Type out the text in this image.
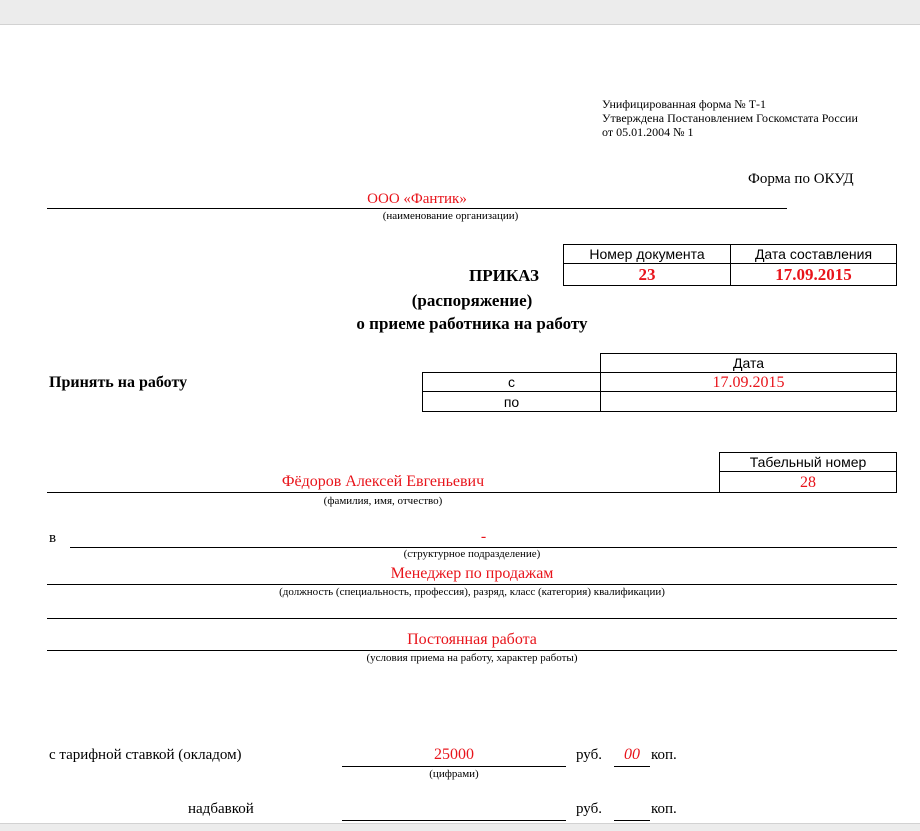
Унифицированная форма № Т-1
Утверждена Постановлением Госкомстата России
от 05.01.2004 № 1
Форма по ОКУД
ООО «Фантик»
(наименование организации)
Номер документа	Дата составления
23	17.09.2015
ПРИКАЗ
(распоряжение)
о приеме работника на работу
Принять на работу
Дата
с	17.09.2015
по
Табельный номер
28
Фёдоров Алексей Евгеньевич
(фамилия, имя, отчество)
в	-
(структурное подразделение)
Менеджер по продажам
(должность (специальность, профессия), разряд, класс (категория) квалификации)
Постоянная работа
(условия приема на работу, характер работы)
с тарифной ставкой (окладом)	25000	руб.	00 коп.
(цифрами)
надбавкой	руб.	коп.
